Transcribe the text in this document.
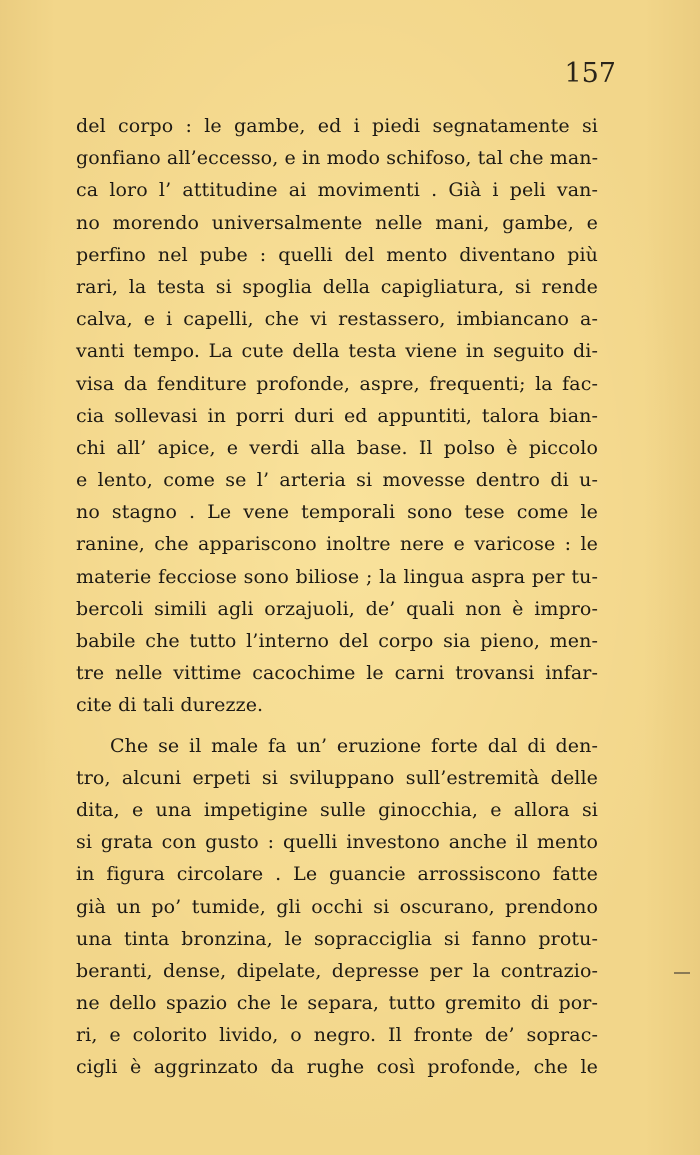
157
del corpo : le gambe, ed i piedi segnatamente si
gonfiano all’eccesso, e in modo schifoso, tal che man-
ca loro l’ attitudine ai movimenti . Già i peli van-
no morendo universalmente nelle mani, gambe, e
perfino nel pube : quelli del mento diventano più
rari, la testa si spoglia della capigliatura, si rende
calva, e i capelli, che vi restassero, imbiancano a-
vanti tempo. La cute della testa viene in seguito di-
visa da fenditure profonde, aspre, frequenti; la fac-
cia sollevasi in porri duri ed appuntiti, talora bian-
chi all’ apice, e verdi alla base. Il polso è piccolo
e lento, come se l’ arteria si movesse dentro di u-
no stagno . Le vene temporali sono tese come le
ranine, che appariscono inoltre nere e varicose : le
materie fecciose sono biliose ; la lingua aspra per tu-
bercoli simili agli orzajuoli, de’ quali non è impro-
babile che tutto l’interno del corpo sia pieno, men-
tre nelle vittime cacochime le carni trovansi infar-
cite di tali durezze.
Che se il male fa un’ eruzione forte dal di den-
tro, alcuni erpeti si sviluppano sull’estremità delle
dita, e una impetigine sulle ginocchia, e allora si
si grata con gusto : quelli investono anche il mento
in figura circolare . Le guancie arrossiscono fatte
già un po’ tumide, gli occhi si oscurano, prendono
una tinta bronzina, le sopracciglia si fanno protu-
beranti, dense, dipelate, depresse per la contrazio-
ne dello spazio che le separa, tutto gremito di por-
ri, e colorito livido, o negro. Il fronte de’ soprac-
cigli è aggrinzato da rughe così profonde, che le
